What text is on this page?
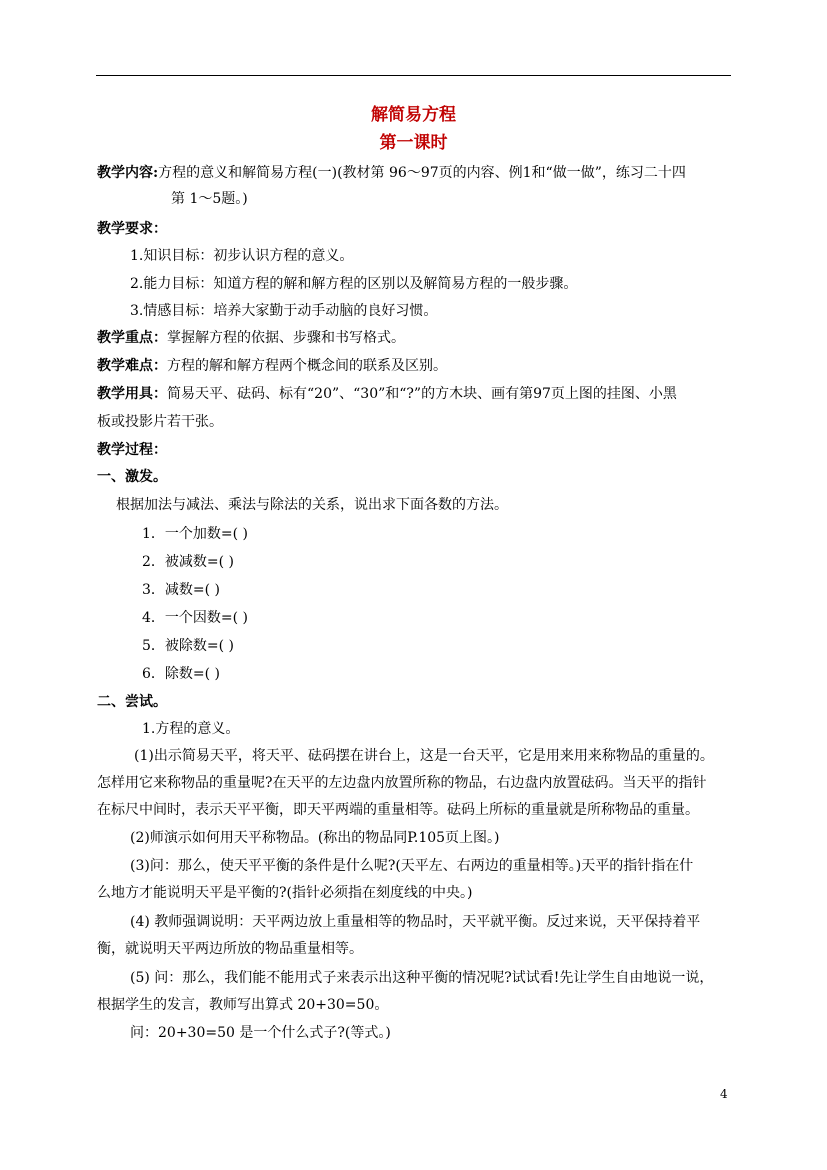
解简易方程
第一课时
教学内容:方程的意义和解简易方程(一)(教材第 96～97页的内容、例1和“做一做”，练习二十四
第 1～5题。)
教学要求：
1.知识目标：初步认识方程的意义。
2.能力目标：知道方程的解和解方程的区别以及解简易方程的一般步骤。
3.情感目标：培养大家勤于动手动脑的良好习惯。
教学重点：掌握解方程的依据、步骤和书写格式。
教学难点：方程的解和解方程两个概念间的联系及区别。
教学用具：简易天平、砝码、标有“20”、“30”和“?”的方木块、画有第97页上图的挂图、小黑
板或投影片若干张。
教学过程：
一、激发。
根据加法与减法、乘法与除法的关系，说出求下面各数的方法。
1．一个加数=( )
2．被减数=( )
3．减数=( )
4．一个因数=( )
5．被除数=( )
6．除数=( )
二、尝试。
1.方程的意义。
(1)出示简易天平，将天平、砝码摆在讲台上，这是一台天平，它是用来用来称物品的重量的。
怎样用它来称物品的重量呢?在天平的左边盘内放置所称的物品，右边盘内放置砝码。当天平的指针
在标尺中间时，表示天平平衡，即天平两端的重量相等。砝码上所标的重量就是所称物品的重量。
(2)师演示如何用天平称物品。(称出的物品同P.105页上图。)
(3)问：那么，使天平平衡的条件是什么呢?(天平左、右两边的重量相等。)天平的指针指在什
么地方才能说明天平是平衡的?(指针必须指在刻度线的中央。)
(4) 教师强调说明：天平两边放上重量相等的物品时，天平就平衡。反过来说，天平保持着平
衡，就说明天平两边所放的物品重量相等。
(5) 问：那么，我们能不能用式子来表示出这种平衡的情况呢?试试看!先让学生自由地说一说，
根据学生的发言，教师写出算式 20+30=50。
问：20+30=50 是一个什么式子?(等式。)
4
